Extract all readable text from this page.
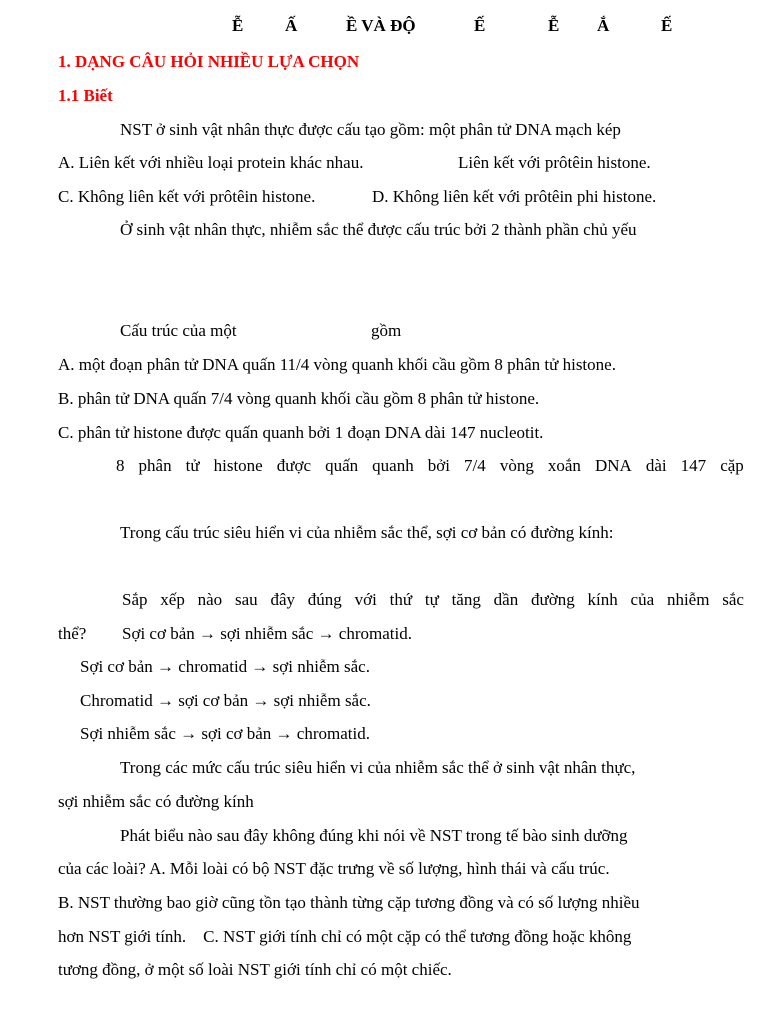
Ễ Ấ	Ề VÀ ĐỘ	Ế	Ễ Ắ	Ế
1. DẠNG CÂU HỎI NHIỀU LỰA CHỌN
1.1 Biết
NST ở sinh vật nhân thực được cấu tạo gồm: một phân tử DNA mạch kép
A. Liên kết với nhiều loại protein khác nhau.	Liên kết với prôtêin histone.
C. Không liên kết với prôtêin histone.	D. Không liên kết với prôtêin phi histone.
Ở sinh vật nhân thực, nhiễm sắc thể được cấu trúc bởi 2 thành phần chủ yếu
Cấu trúc của một	gồm
A. một đoạn phân tử DNA quấn 11/4 vòng quanh khối cầu gồm 8 phân tử histone.
B. phân tử DNA quấn 7/4 vòng quanh khối cầu gồm 8 phân tử histone.
C. phân tử histone được quấn quanh bởi 1 đoạn DNA dài 147 nucleotit.
8 phân tử histone được quấn quanh bởi 7/4 vòng xoắn DNA dài 147 cặp
Trong cấu trúc siêu hiển vi của nhiễm sắc thể, sợi cơ bản có đường kính:
Sắp xếp nào sau đây đúng với thứ tự tăng dần đường kính của nhiễm sắc
thể? Sợi cơ bản → sợi nhiễm sắc → chromatid.
Sợi cơ bản → chromatid → sợi nhiễm sắc.
Chromatid → sợi cơ bản → sợi nhiễm sắc.
Sợi nhiễm sắc → sợi cơ bản → chromatid.
Trong các mức cấu trúc siêu hiển vi của nhiễm sắc thể ở sinh vật nhân thực,
sợi nhiễm sắc có đường kính
Phát biểu nào sau đây không đúng khi nói về NST trong tế bào sinh dưỡng
của các loài? A. Mỗi loài có bộ NST đặc trưng về số lượng, hình thái và cấu trúc.
B. NST thường bao giờ cũng tồn tạo thành từng cặp tương đồng và có số lượng nhiều
hơn NST giới tính.    C. NST giới tính chỉ có một cặp có thể tương đồng hoặc không
tương đồng, ở một số loài NST giới tính chỉ có một chiếc.
